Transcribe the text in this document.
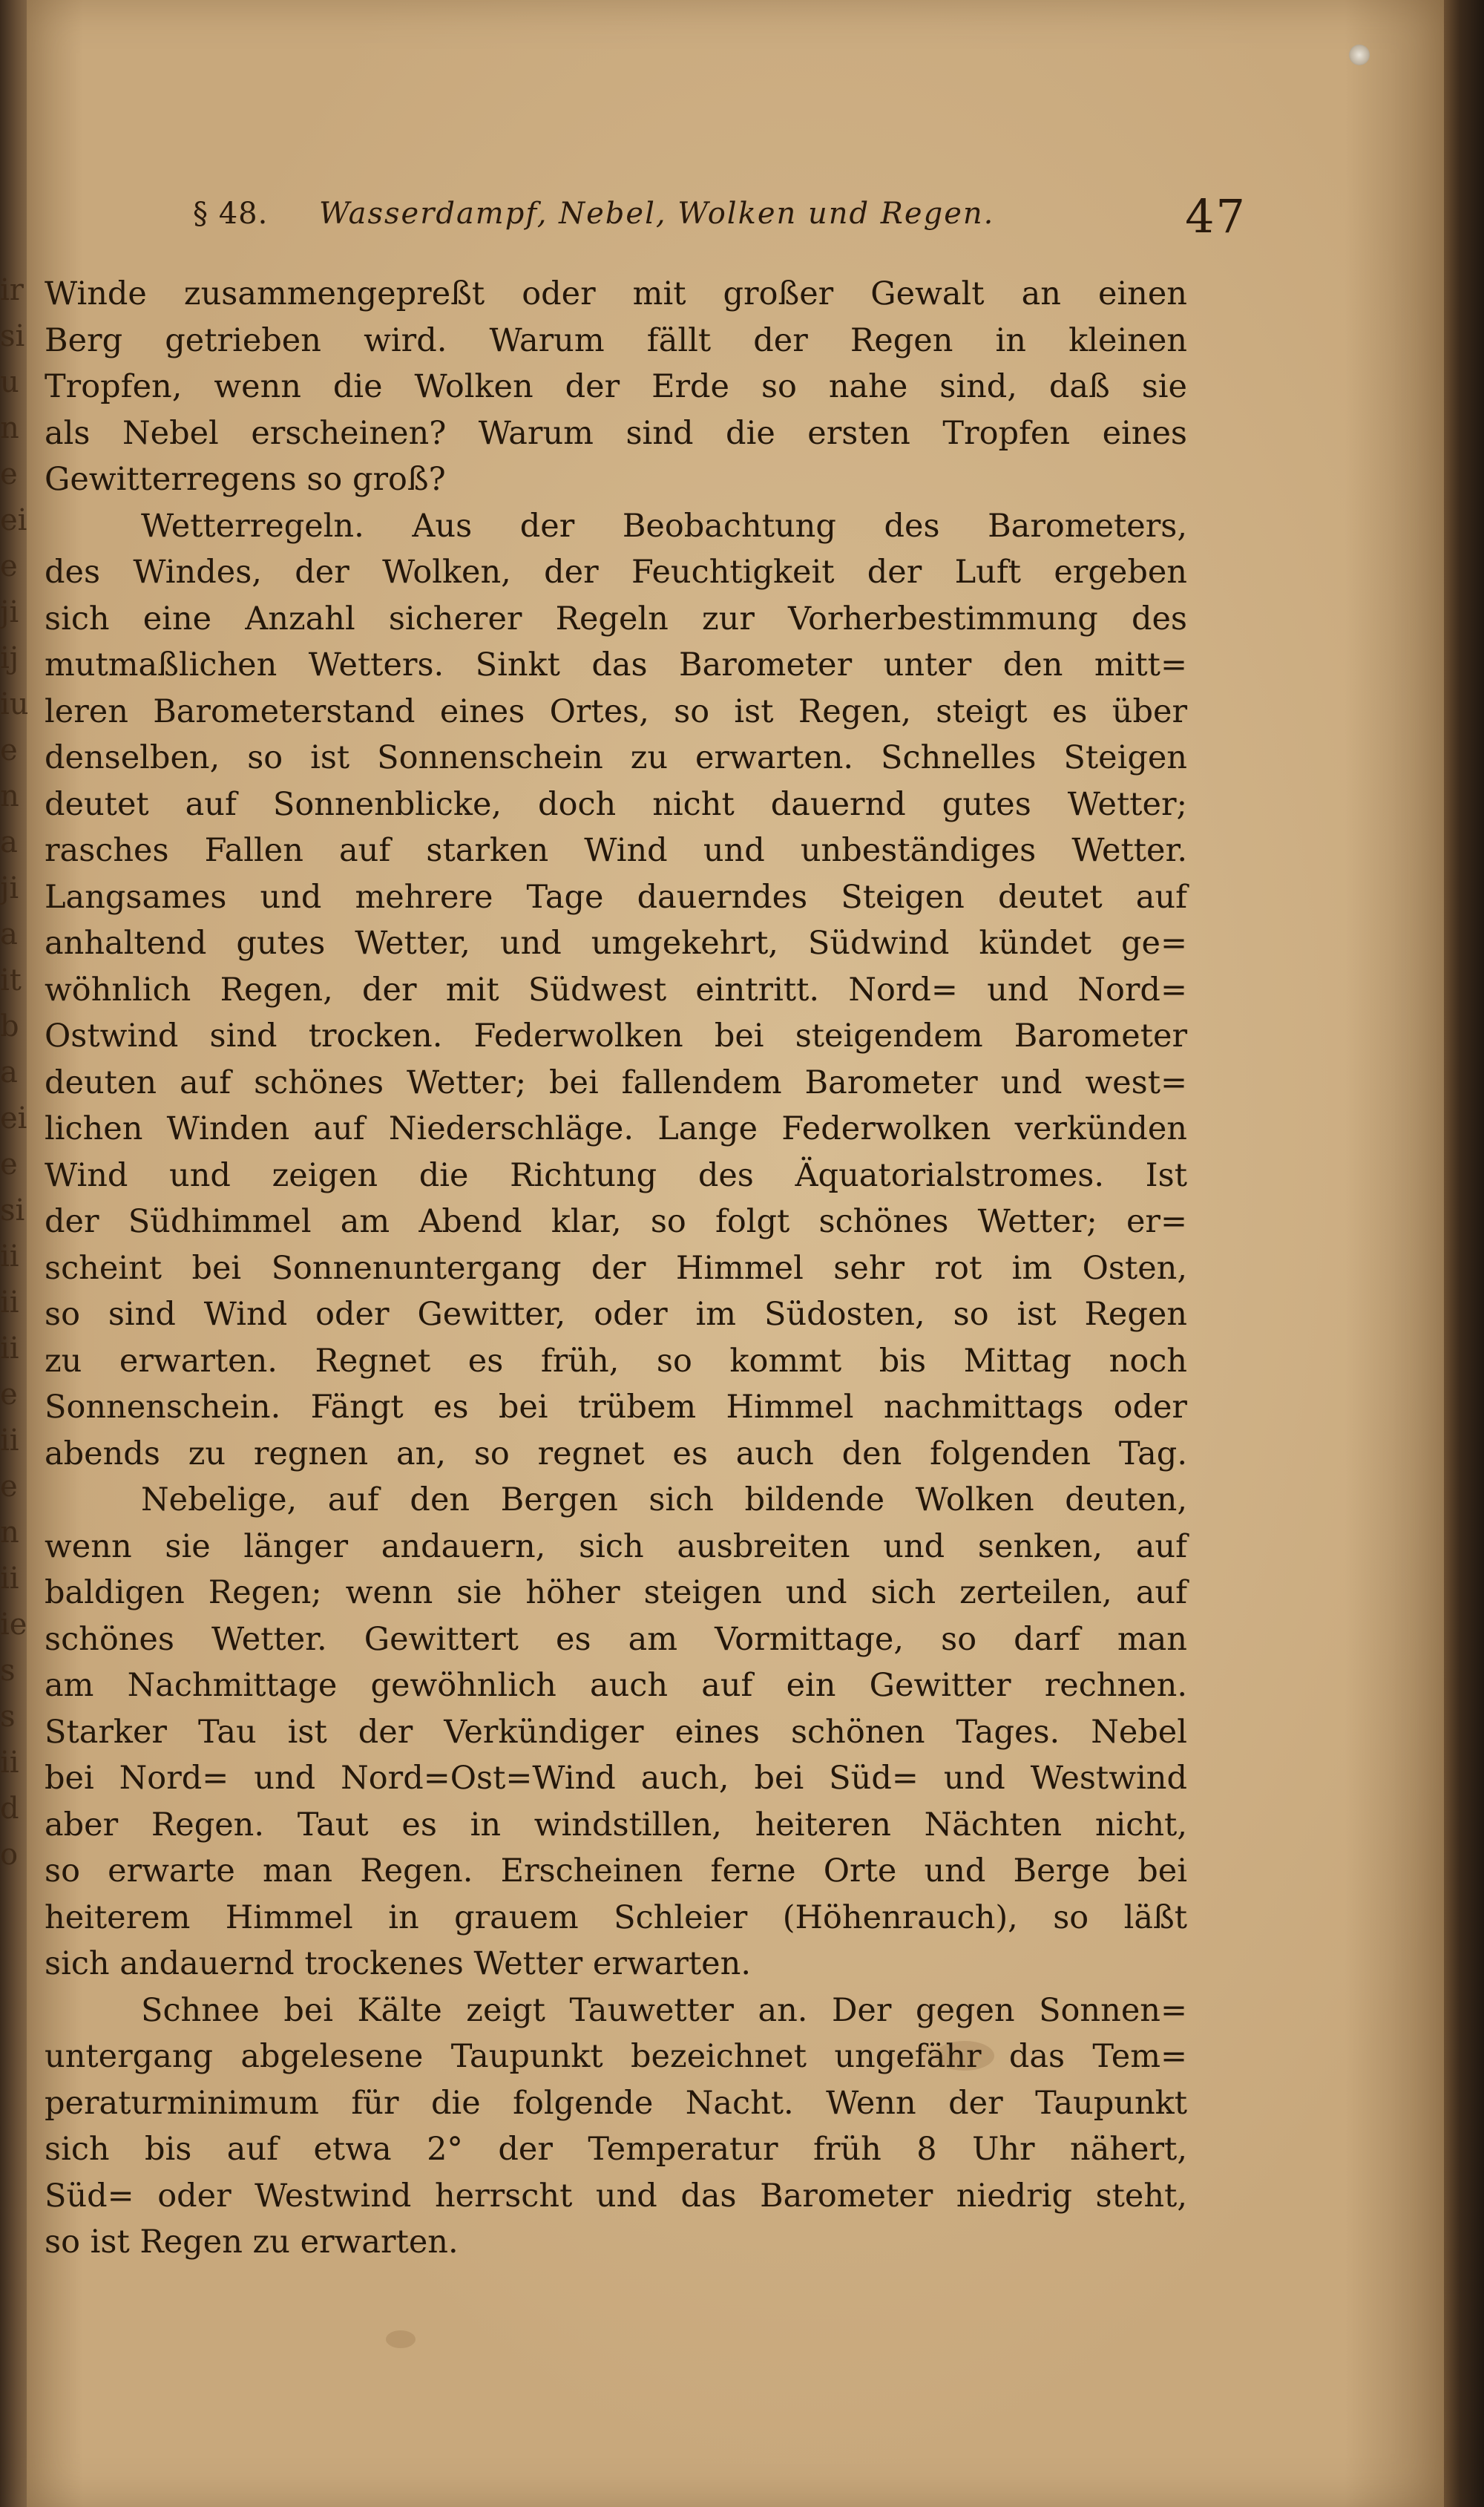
ir
si
u
n
e
ei
e
ji
ij
iu
e
n
a
ji
a
it
b
a
ei
e
si
ii
ii
ii
e
ii
e
n
ii
ie
s
s
ii
d
o
§ 48. Wasserdampf, Nebel, Wolken und Regen.	47
Winde zusammengepreßt oder mit großer Gewalt an einen
Berg getrieben wird. Warum fällt der Regen in kleinen
Tropfen, wenn die Wolken der Erde so nahe sind, daß sie
als Nebel erscheinen? Warum sind die ersten Tropfen eines
Gewitterregens so groß?
Wetterregeln. Aus der Beobachtung des Barometers,
des Windes, der Wolken, der Feuchtigkeit der Luft ergeben
sich eine Anzahl sicherer Regeln zur Vorherbestimmung des
mutmaßlichen Wetters. Sinkt das Barometer unter den mitt=
leren Barometerstand eines Ortes, so ist Regen, steigt es über
denselben, so ist Sonnenschein zu erwarten. Schnelles Steigen
deutet auf Sonnenblicke, doch nicht dauernd gutes Wetter;
rasches Fallen auf starken Wind und unbeständiges Wetter.
Langsames und mehrere Tage dauerndes Steigen deutet auf
anhaltend gutes Wetter, und umgekehrt, Südwind kündet ge=
wöhnlich Regen, der mit Südwest eintritt. Nord= und Nord=
Ostwind sind trocken. Federwolken bei steigendem Barometer
deuten auf schönes Wetter; bei fallendem Barometer und west=
lichen Winden auf Niederschläge. Lange Federwolken verkünden
Wind und zeigen die Richtung des Äquatorialstromes. Ist
der Südhimmel am Abend klar, so folgt schönes Wetter; er=
scheint bei Sonnenuntergang der Himmel sehr rot im Osten,
so sind Wind oder Gewitter, oder im Südosten, so ist Regen
zu erwarten. Regnet es früh, so kommt bis Mittag noch
Sonnenschein. Fängt es bei trübem Himmel nachmittags oder
abends zu regnen an, so regnet es auch den folgenden Tag.
Nebelige, auf den Bergen sich bildende Wolken deuten,
wenn sie länger andauern, sich ausbreiten und senken, auf
baldigen Regen; wenn sie höher steigen und sich zerteilen, auf
schönes Wetter. Gewittert es am Vormittage, so darf man
am Nachmittage gewöhnlich auch auf ein Gewitter rechnen.
Starker Tau ist der Verkündiger eines schönen Tages. Nebel
bei Nord= und Nord=Ost=Wind auch, bei Süd= und Westwind
aber Regen. Taut es in windstillen, heiteren Nächten nicht,
so erwarte man Regen. Erscheinen ferne Orte und Berge bei
heiterem Himmel in grauem Schleier (Höhenrauch), so läßt
sich andauernd trockenes Wetter erwarten.
Schnee bei Kälte zeigt Tauwetter an. Der gegen Sonnen=
untergang abgelesene Taupunkt bezeichnet ungefähr das Tem=
peraturminimum für die folgende Nacht. Wenn der Taupunkt
sich bis auf etwa 2° der Temperatur früh 8 Uhr nähert,
Süd= oder Westwind herrscht und das Barometer niedrig steht,
so ist Regen zu erwarten.
